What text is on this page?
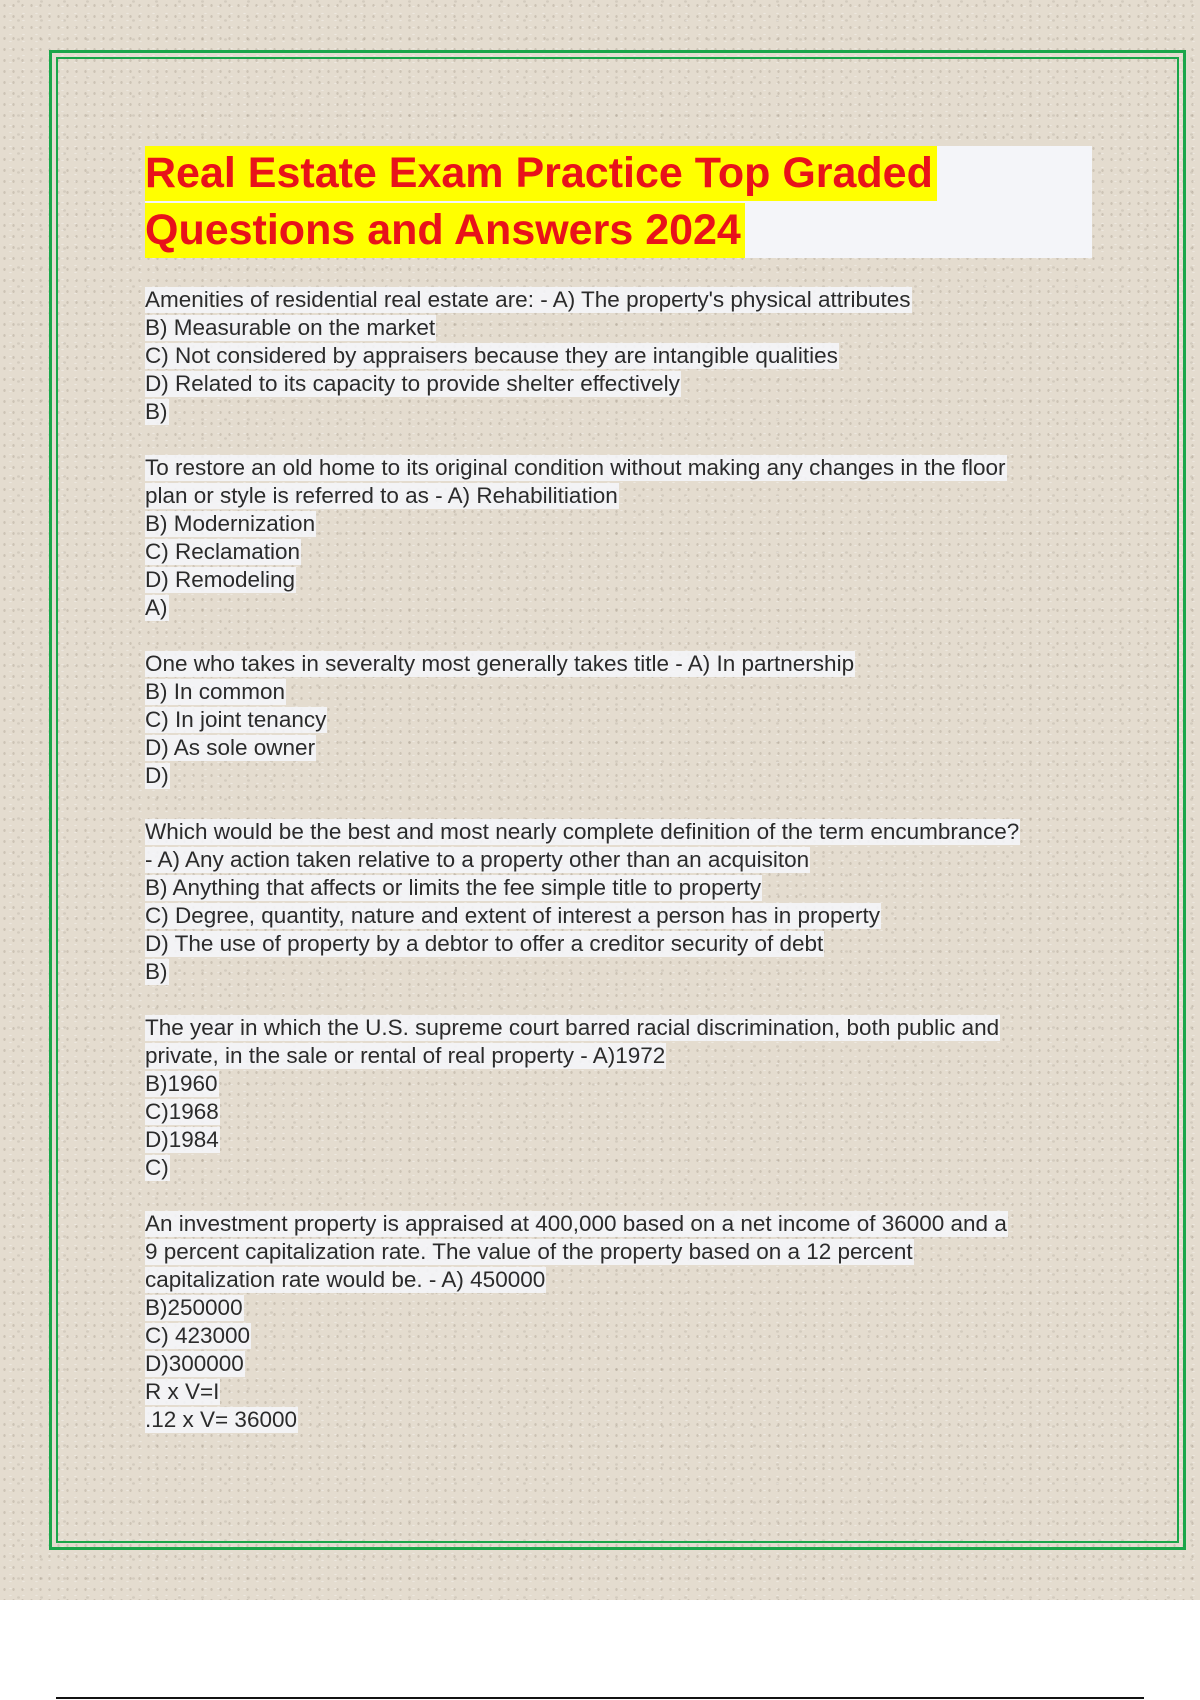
Real Estate Exam Practice Top Graded
Questions and Answers 2024
Amenities of residential real estate are: - A) The property's physical attributes
B) Measurable on the market
C) Not considered by appraisers because they are intangible qualities
D) Related to its capacity to provide shelter effectively
B)
To restore an old home to its original condition without making any changes in the floor
plan or style is referred to as - A) Rehabilitiation
B) Modernization
C) Reclamation
D) Remodeling
A)
One who takes in severalty most generally takes title - A) In partnership
B) In common
C) In joint tenancy
D) As sole owner
D)
Which would be the best and most nearly complete definition of the term encumbrance?
- A) Any action taken relative to a property other than an acquisiton
B) Anything that affects or limits the fee simple title to property
C) Degree, quantity, nature and extent of interest a person has in property
D) The use of property by a debtor to offer a creditor security of debt
B)
The year in which the U.S. supreme court barred racial discrimination, both public and
private, in the sale or rental of real property - A)1972
B)1960
C)1968
D)1984
C)
An investment property is appraised at 400,000 based on a net income of 36000 and a
9 percent capitalization rate. The value of the property based on a 12 percent
capitalization rate would be. - A) 450000
B)250000
C) 423000
D)300000
R x V=I
.12 x V= 36000
